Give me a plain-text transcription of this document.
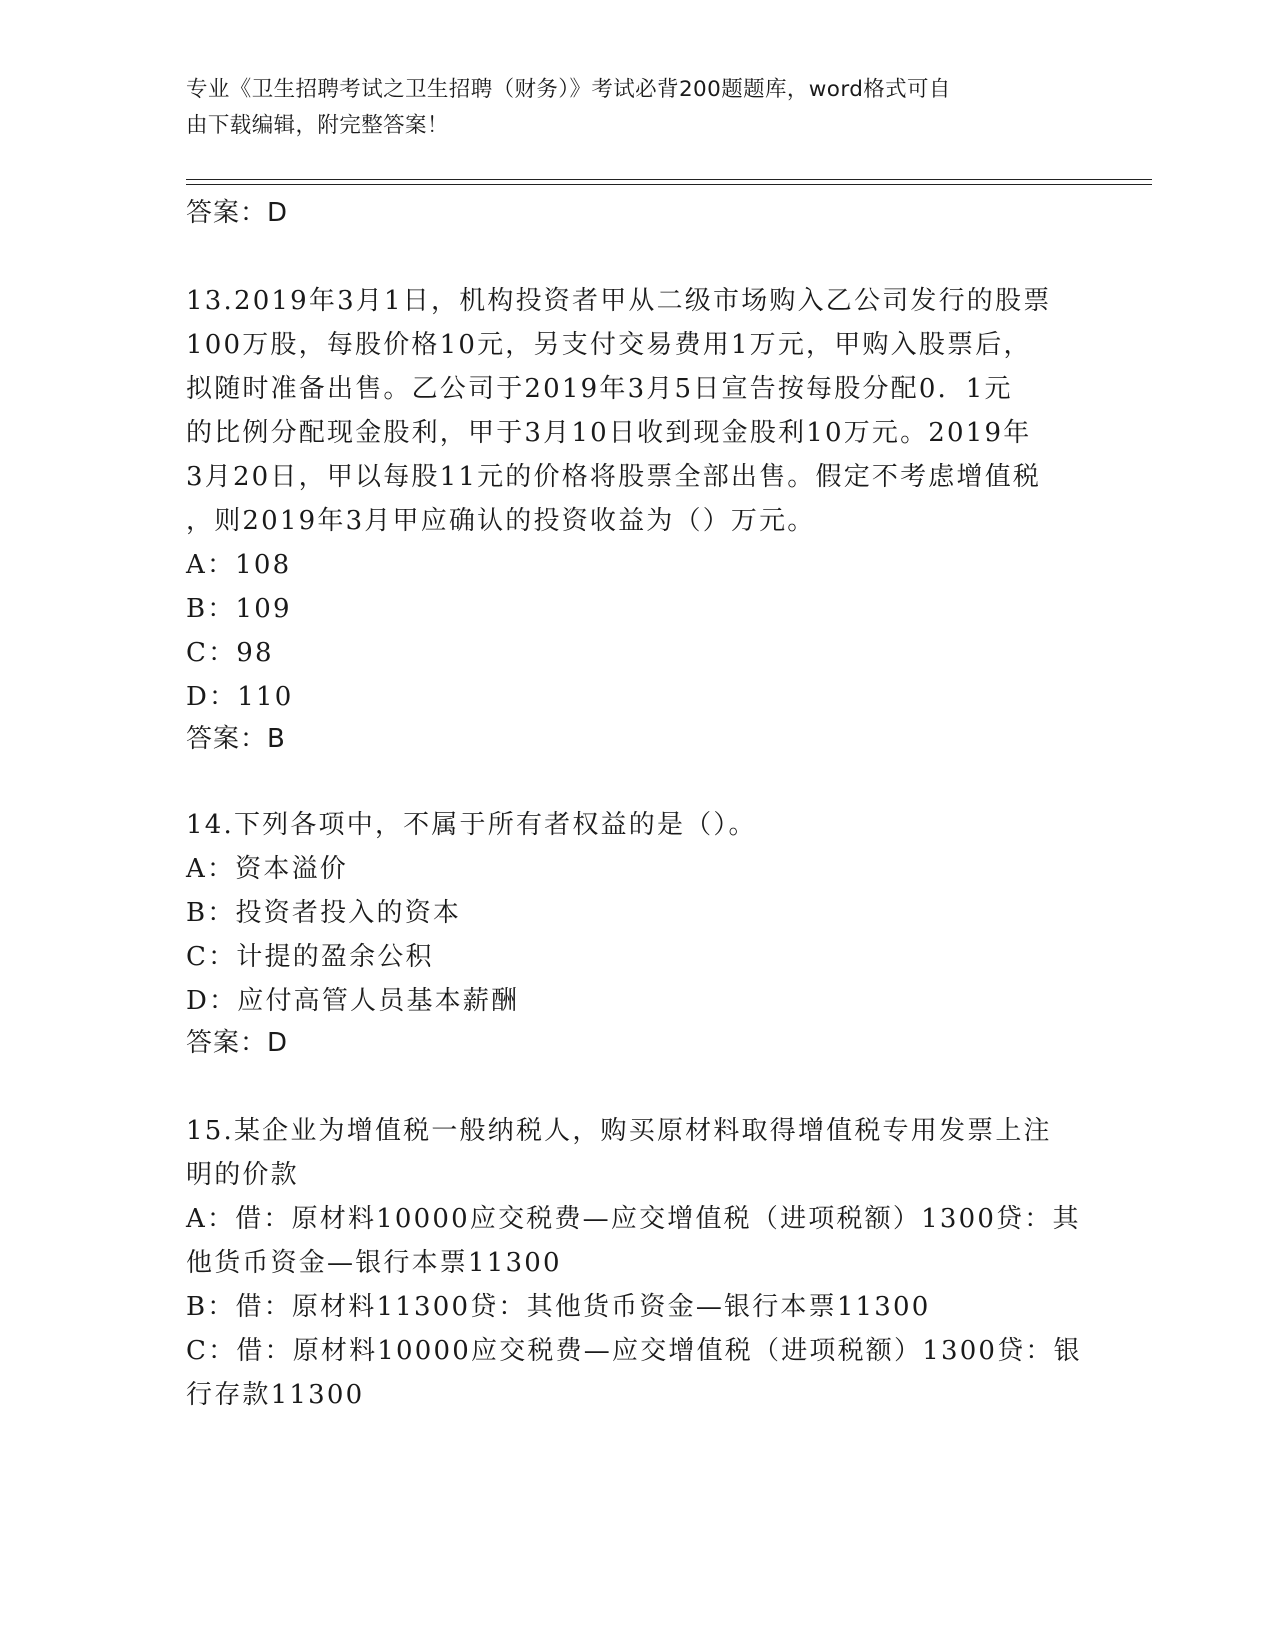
专业《卫生招聘考试之卫生招聘（财务）》考试必背200题题库，word格式可自
由下载编辑，附完整答案！
答案：D
13.2019年3月1日，机构投资者甲从二级市场购入乙公司发行的股票
100万股，每股价格10元，另支付交易费用1万元，甲购入股票后，
拟随时准备出售。乙公司于2019年3月5日宣告按每股分配0．1元
的比例分配现金股利，甲于3月10日收到现金股利10万元。2019年
3月20日，甲以每股11元的价格将股票全部出售。假定不考虑增值税
，则2019年3月甲应确认的投资收益为（）万元。
A：108
B：109
C：98
D：110
答案：B
14.下列各项中，不属于所有者权益的是（）。
A：资本溢价
B：投资者投入的资本
C：计提的盈余公积
D：应付高管人员基本薪酬
答案：D
15.某企业为增值税一般纳税人，购买原材料取得增值税专用发票上注
明的价款
A：借：原材料10000应交税费—应交增值税（进项税额）1300贷：其
他货币资金—银行本票11300
B：借：原材料11300贷：其他货币资金—银行本票11300
C：借：原材料10000应交税费—应交增值税（进项税额）1300贷：银
行存款11300
